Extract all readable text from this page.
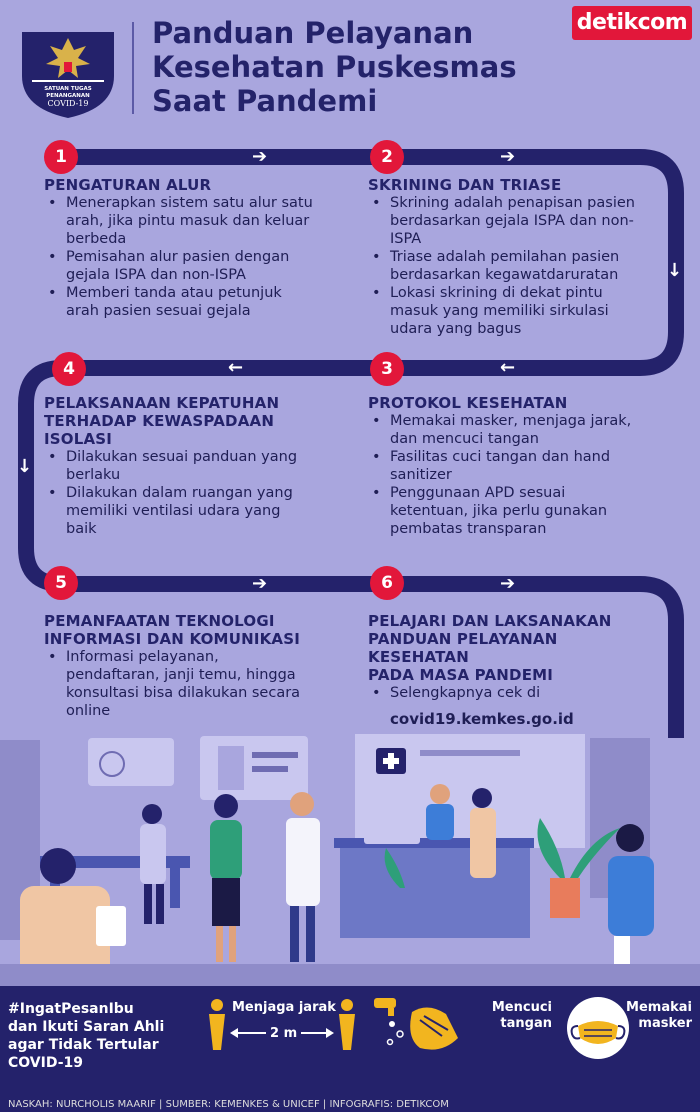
➔	➔
↓
←	←
↓
➔	➔
SATUAN TUGAS
PENANGANAN
COVID-19
Panduan Pelayanan
Kesehatan Puskesmas
Saat Pandemi
detikcom
1

PENGATURAN ALUR

• Menerapkan sistem satu alur satu arah, jika pintu masuk dan keluar berbeda
• Pemisahan alur pasien dengan gejala ISPA dan non-ISPA
• Memberi tanda atau petunjuk arah pasien sesuai gejala
2

SKRINING DAN TRIASE

• Skrining adalah penapisan pasien berdasarkan gejala ISPA dan non-ISPA
• Triase adalah pemilahan pasien berdasarkan kegawatdaruratan
• Lokasi skrining di dekat pintu masuk yang memiliki sirkulasi udara yang bagus
4

PELAKSANAAN KEPATUHAN

TERHADAP KEWASPADAAN

ISOLASI

• Dilakukan sesuai panduan yang berlaku
• Dilakukan dalam ruangan yang memiliki ventilasi udara yang baik
3

PROTOKOL KESEHATAN

• Memakai masker, menjaga jarak, dan mencuci tangan
• Fasilitas cuci tangan dan hand sanitizer
• Penggunaan APD sesuai ketentuan, jika perlu gunakan pembatas transparan
5

PEMANFAATAN TEKNOLOGI

INFORMASI DAN KOMUNIKASI

• Informasi pelayanan, pendaftaran, janji temu, hingga konsultasi bisa dilakukan secara online
6

PELAJARI DAN LAKSANAKAN

PANDUAN PELAYANAN KESEHATAN

PADA MASA PANDEMI

• Selengkapnya cek di
covid19.kemkes.go.id
#IngatPesanIbu
dan Ikuti Saran Ahli
agar Tidak Tertular
COVID-19
Menjaga jarak
2 m
Mencuci
tangan
Memakai
masker
NASKAH: NURCHOLIS MAARIF | SUMBER: KEMENKES & UNICEF | INFOGRAFIS: DETIKCOM
